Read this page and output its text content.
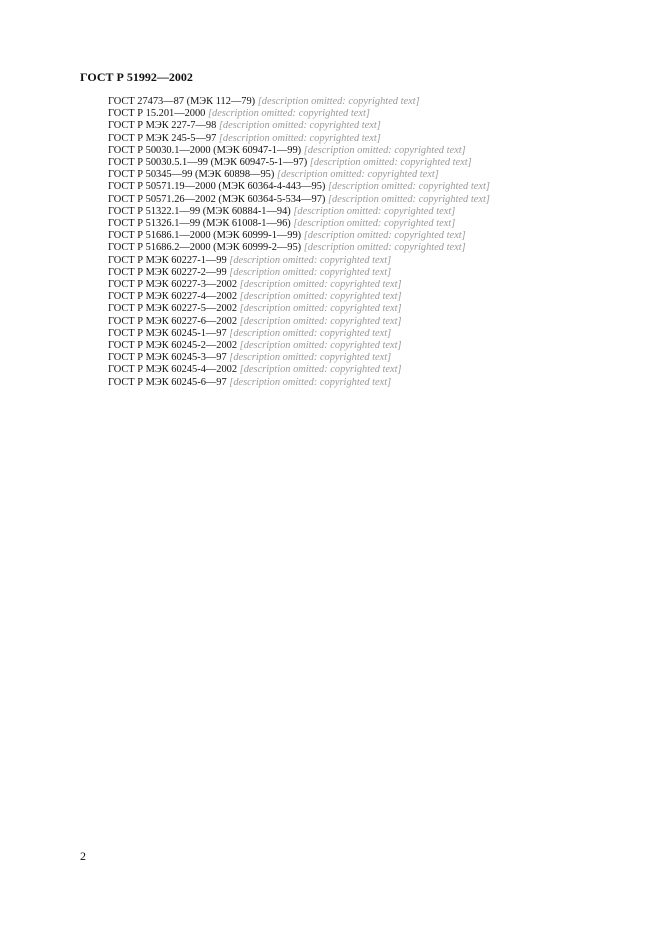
ГОСТ Р 51992—2002

ГОСТ 27473—87 (МЭК 112—79) [description omitted: copyrighted text]

ГОСТ Р 15.201—2000 [description omitted: copyrighted text]

ГОСТ Р МЭК 227-7—98 [description omitted: copyrighted text]

ГОСТ Р МЭК 245-5—97 [description omitted: copyrighted text]

ГОСТ Р 50030.1—2000 (МЭК 60947-1—99) [description omitted: copyrighted text]

ГОСТ Р 50030.5.1—99 (МЭК 60947-5-1—97) [description omitted: copyrighted text]

ГОСТ Р 50345—99 (МЭК 60898—95) [description omitted: copyrighted text]

ГОСТ Р 50571.19—2000 (МЭК 60364-4-443—95) [description omitted: copyrighted text]

ГОСТ Р 50571.26—2002 (МЭК 60364-5-534—97) [description omitted: copyrighted text]

ГОСТ Р 51322.1—99 (МЭК 60884-1—94) [description omitted: copyrighted text]

ГОСТ Р 51326.1—99 (МЭК 61008-1—96) [description omitted: copyrighted text]

ГОСТ Р 51686.1—2000 (МЭК 60999-1—99) [description omitted: copyrighted text]

ГОСТ Р 51686.2—2000 (МЭК 60999-2—95) [description omitted: copyrighted text]

ГОСТ Р МЭК 60227-1—99 [description omitted: copyrighted text]

ГОСТ Р МЭК 60227-2—99 [description omitted: copyrighted text]

ГОСТ Р МЭК 60227-3—2002 [description omitted: copyrighted text]

ГОСТ Р МЭК 60227-4—2002 [description omitted: copyrighted text]

ГОСТ Р МЭК 60227-5—2002 [description omitted: copyrighted text]

ГОСТ Р МЭК 60227-6—2002 [description omitted: copyrighted text]

ГОСТ Р МЭК 60245-1—97 [description omitted: copyrighted text]

ГОСТ Р МЭК 60245-2—2002 [description omitted: copyrighted text]

ГОСТ Р МЭК 60245-3—97 [description omitted: copyrighted text]

ГОСТ Р МЭК 60245-4—2002 [description omitted: copyrighted text]

ГОСТ Р МЭК 60245-6—97 [description omitted: copyrighted text]

2
